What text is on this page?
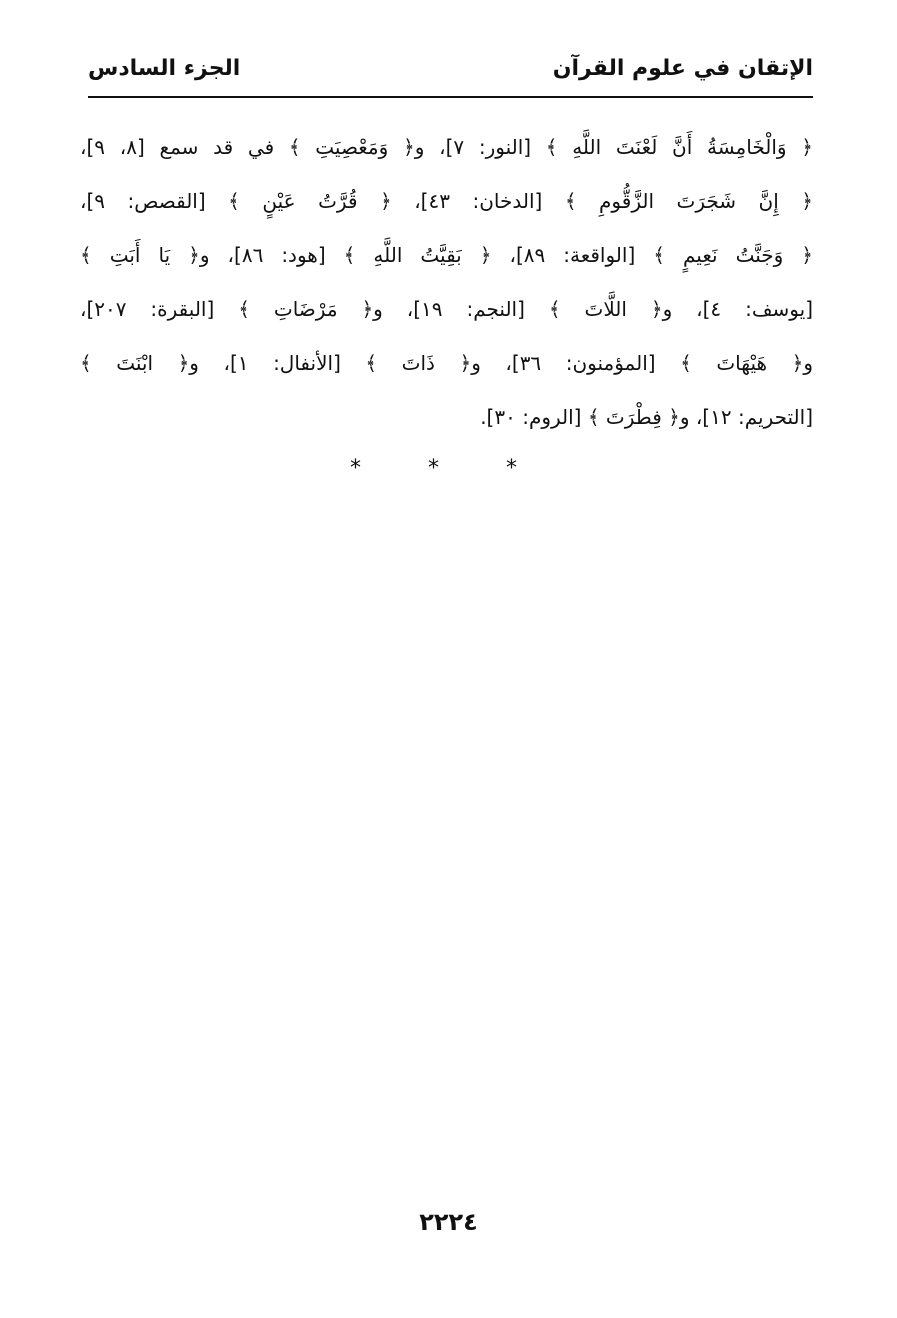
الإتقان في علوم القرآن
الجزء السادس
﴿ وَالْخَامِسَةُ أَنَّ لَعْنَتَ اللَّهِ ﴾ [النور: ٧]، و﴿ وَمَعْصِيَتِ ﴾ في قد سمع [٨، ٩]،
﴿ إِنَّ شَجَرَتَ الزَّقُّومِ ﴾ [الدخان: ٤٣]، ﴿ قُرَّتُ عَيْنٍ ﴾ [القصص: ٩]،
﴿ وَجَنَّتُ نَعِيمٍ ﴾ [الواقعة: ٨٩]، ﴿ بَقِيَّتُ اللَّهِ ﴾ [هود: ٨٦]، و﴿ يَا أَبَتِ ﴾
[يوسف: ٤]، و﴿ اللَّاتَ ﴾ [النجم: ١٩]، و﴿ مَرْضَاتِ ﴾ [البقرة: ٢٠٧]،
و﴿ هَيْهَاتَ ﴾ [المؤمنون: ٣٦]، و﴿ ذَاتَ ﴾ [الأنفال: ١]، و﴿ ابْنَتَ ﴾
[التحريم: ١٢]، و﴿ فِطْرَتَ ﴾ [الروم: ٣٠].
* * *
٢٢٢٤
